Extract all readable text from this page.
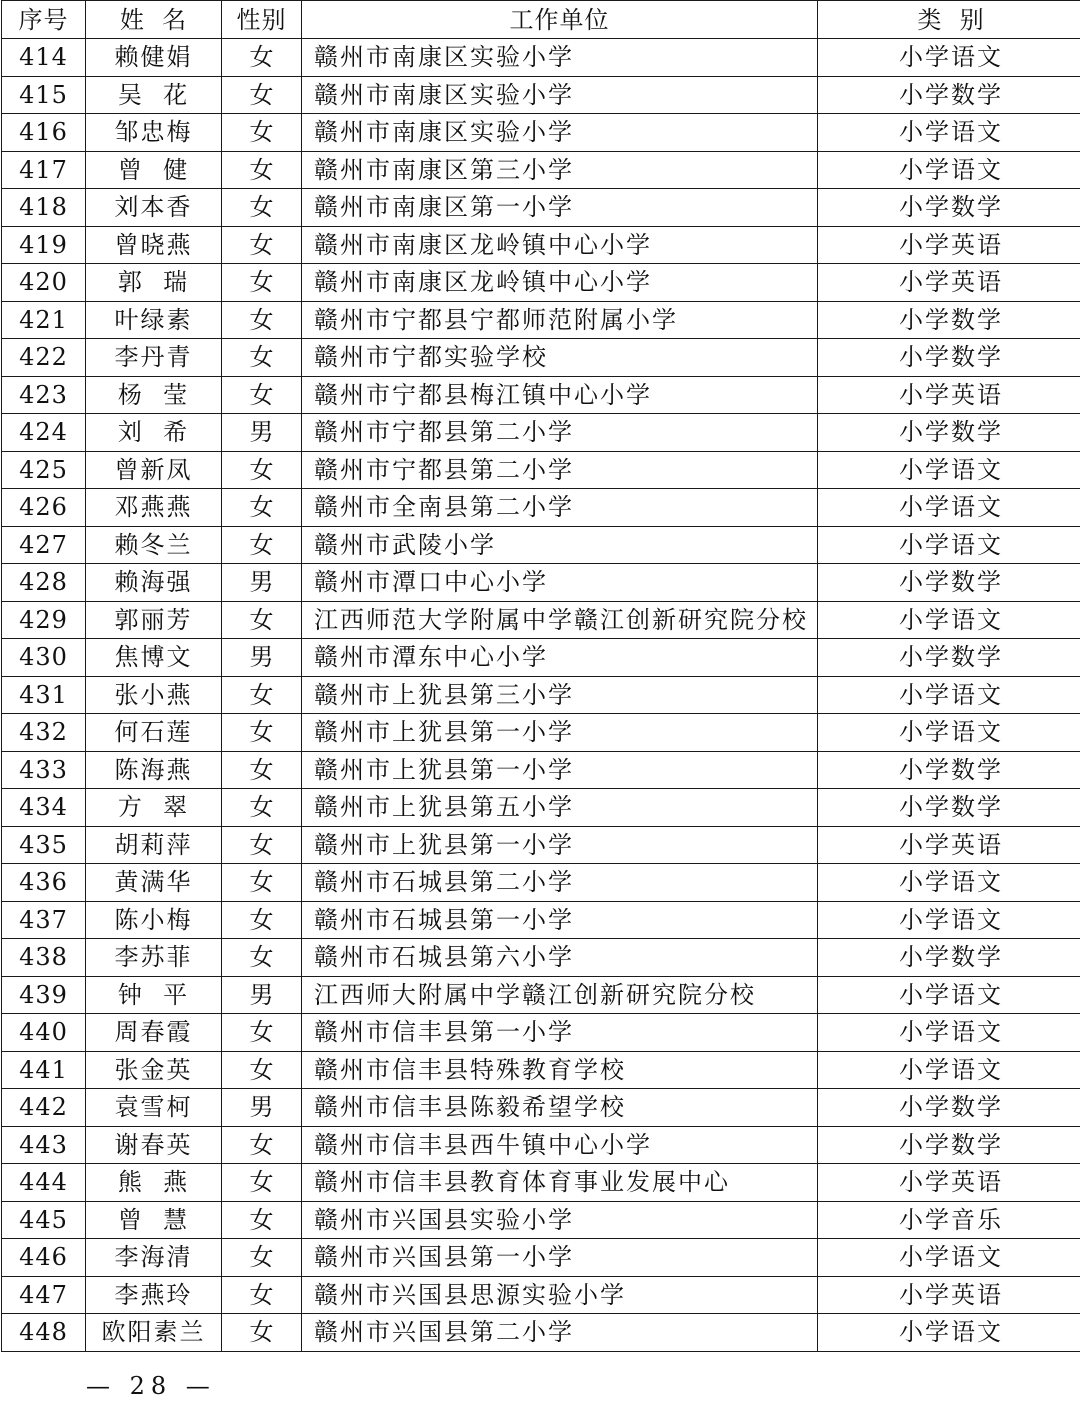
序号	姓  名	性别	工作单位	类  别
414	赖健娟	女	赣州市南康区实验小学	小学语文
415	吴  花	女	赣州市南康区实验小学	小学数学
416	邹忠梅	女	赣州市南康区实验小学	小学语文
417	曾  健	女	赣州市南康区第三小学	小学语文
418	刘本香	女	赣州市南康区第一小学	小学数学
419	曾晓燕	女	赣州市南康区龙岭镇中心小学	小学英语
420	郭  瑞	女	赣州市南康区龙岭镇中心小学	小学英语
421	叶绿素	女	赣州市宁都县宁都师范附属小学	小学数学
422	李丹青	女	赣州市宁都实验学校	小学数学
423	杨  莹	女	赣州市宁都县梅江镇中心小学	小学英语
424	刘  希	男	赣州市宁都县第二小学	小学数学
425	曾新凤	女	赣州市宁都县第二小学	小学语文
426	邓燕燕	女	赣州市全南县第二小学	小学语文
427	赖冬兰	女	赣州市武陵小学	小学语文
428	赖海强	男	赣州市潭口中心小学	小学数学
429	郭丽芳	女	江西师范大学附属中学赣江创新研究院分校	小学语文
430	焦博文	男	赣州市潭东中心小学	小学数学
431	张小燕	女	赣州市上犹县第三小学	小学语文
432	何石莲	女	赣州市上犹县第一小学	小学语文
433	陈海燕	女	赣州市上犹县第一小学	小学数学
434	方  翠	女	赣州市上犹县第五小学	小学数学
435	胡莉萍	女	赣州市上犹县第一小学	小学英语
436	黄满华	女	赣州市石城县第二小学	小学语文
437	陈小梅	女	赣州市石城县第一小学	小学语文
438	李苏菲	女	赣州市石城县第六小学	小学数学
439	钟  平	男	江西师大附属中学赣江创新研究院分校	小学语文
440	周春霞	女	赣州市信丰县第一小学	小学语文
441	张金英	女	赣州市信丰县特殊教育学校	小学语文
442	袁雪柯	男	赣州市信丰县陈毅希望学校	小学数学
443	谢春英	女	赣州市信丰县西牛镇中心小学	小学数学
444	熊  燕	女	赣州市信丰县教育体育事业发展中心	小学英语
445	曾  慧	女	赣州市兴国县实验小学	小学音乐
446	李海清	女	赣州市兴国县第一小学	小学语文
447	李燕玲	女	赣州市兴国县思源实验小学	小学英语
448	欧阳素兰	女	赣州市兴国县第二小学	小学语文
— 28 —
